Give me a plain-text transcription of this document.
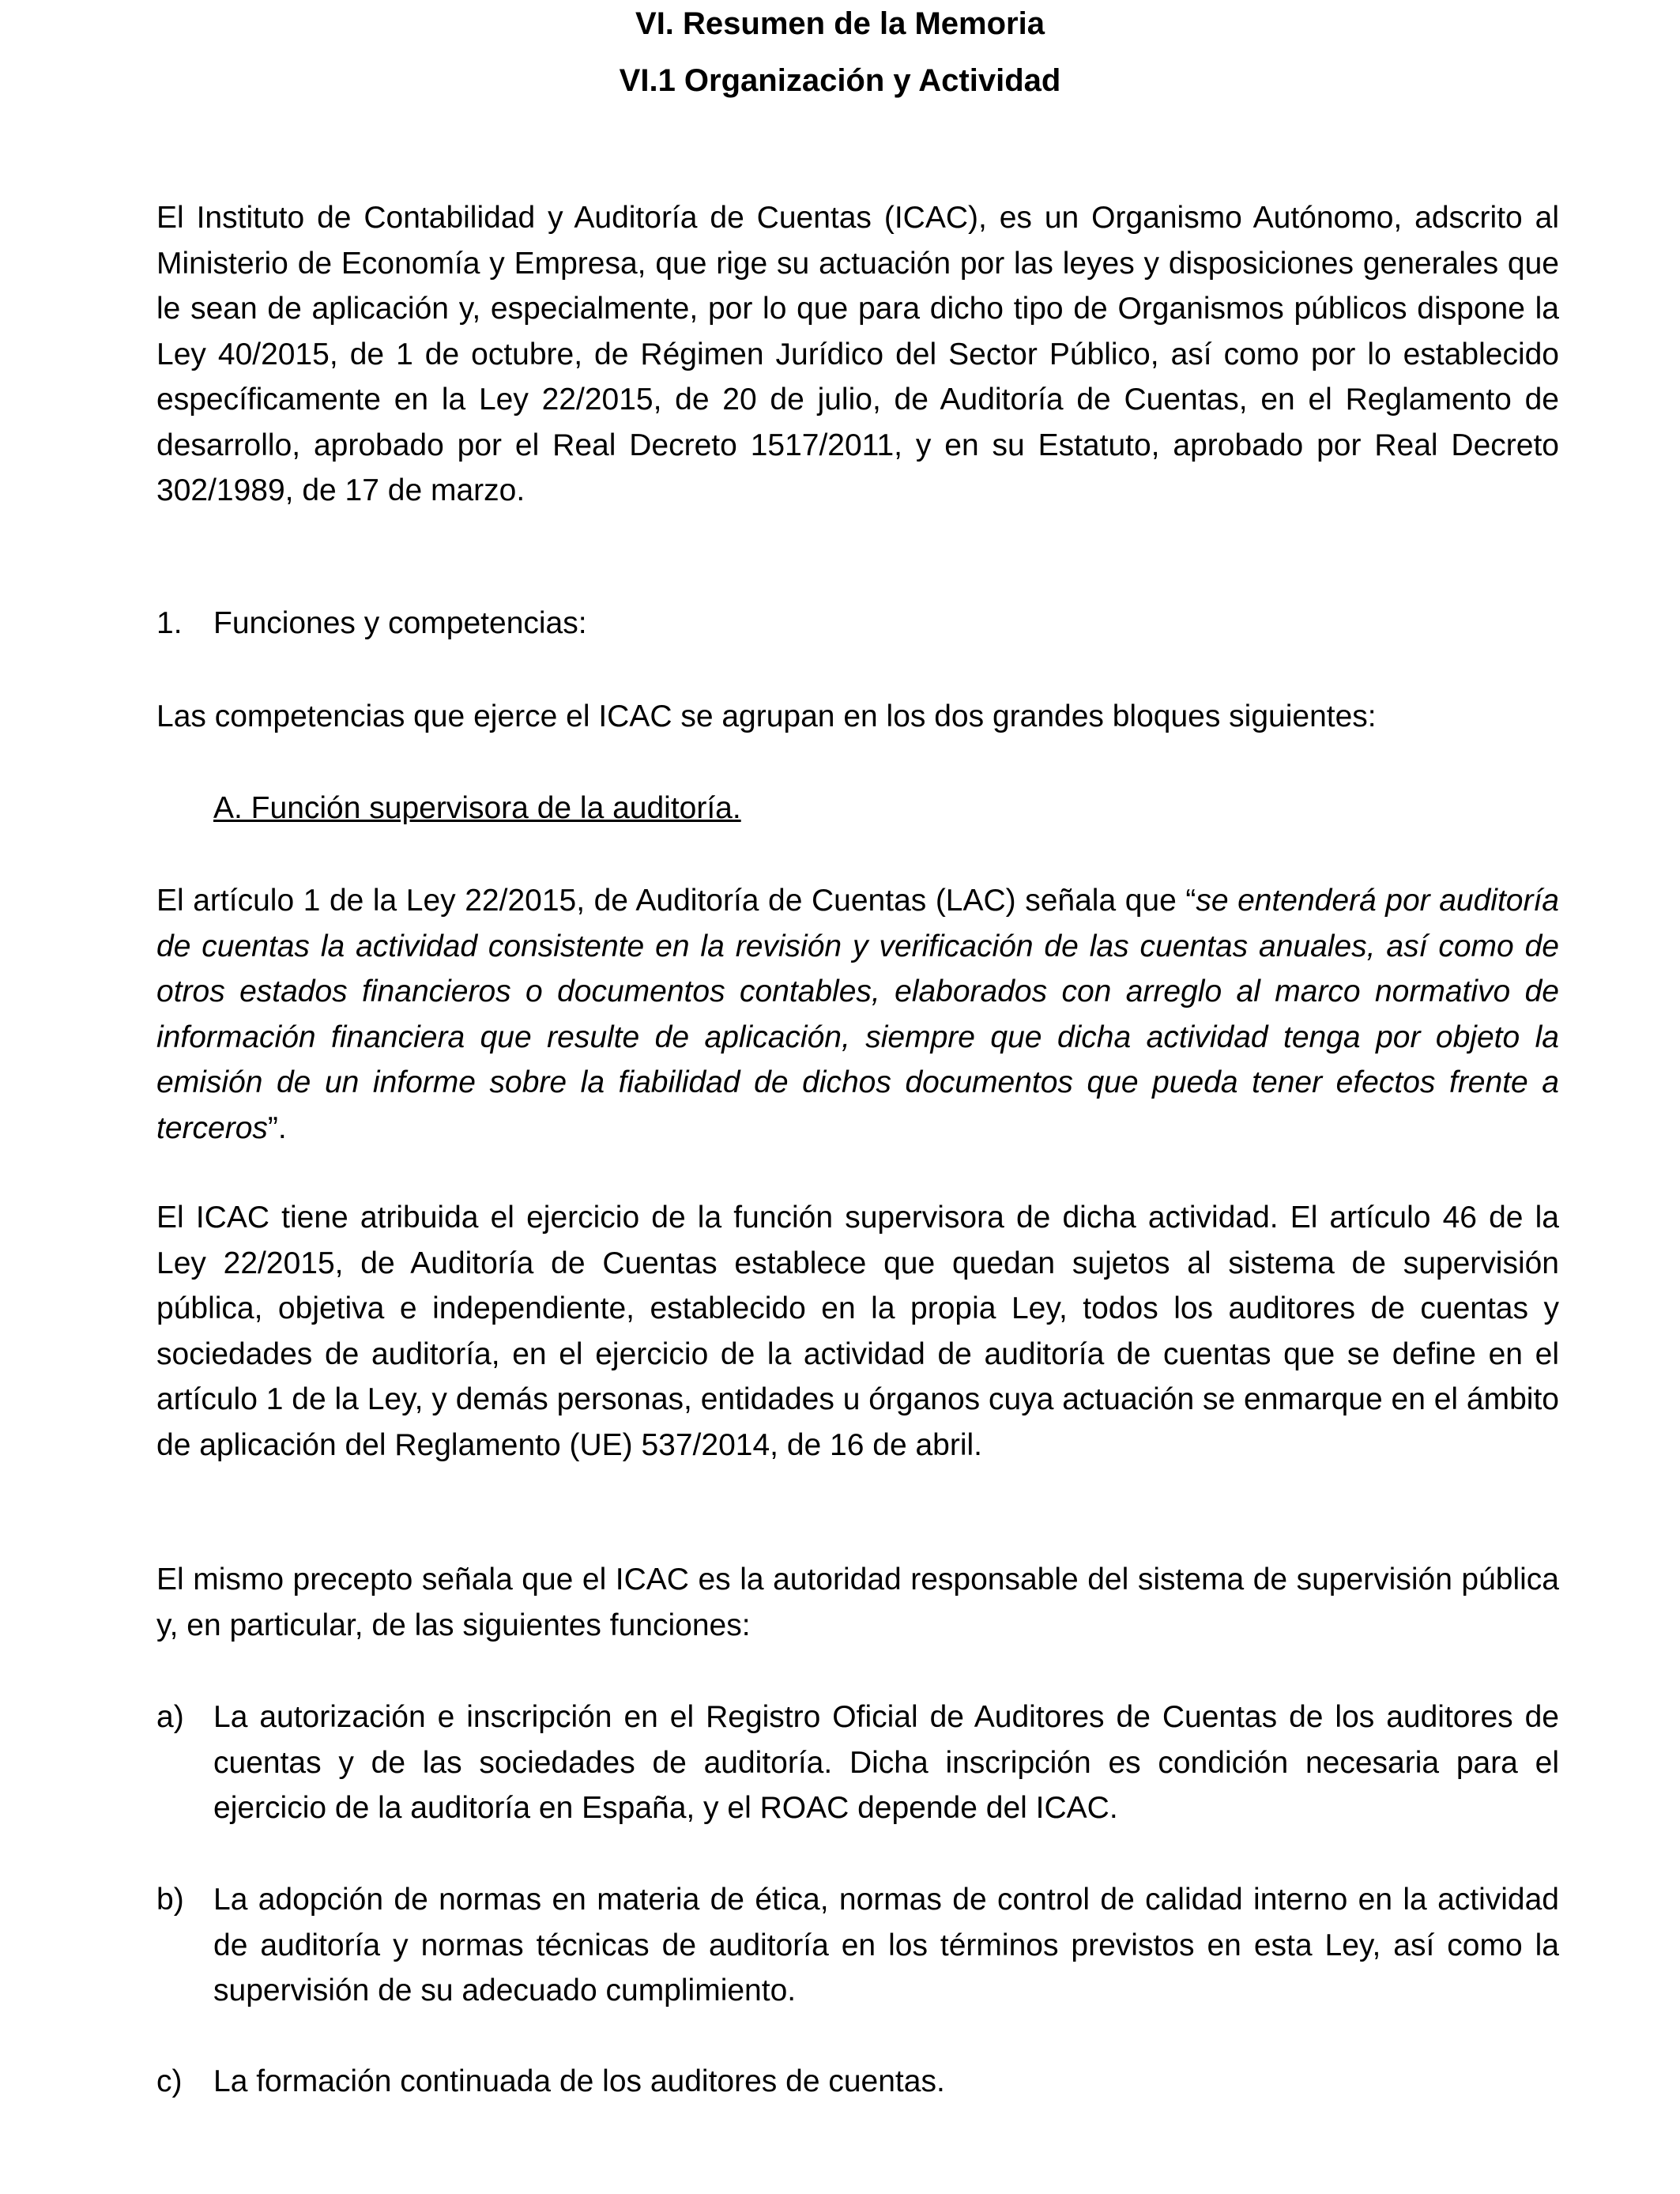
VI. Resumen de la Memoria
VI.1 Organización y Actividad

El Instituto de Contabilidad y Auditoría de Cuentas (ICAC), es un Organismo Autónomo, adscrito al Ministerio de Economía y Empresa, que rige su actuación por las leyes y disposiciones generales que le sean de aplicación y, especialmente, por lo que para dicho tipo de Organismos públicos dispone la Ley 40/2015, de 1 de octubre, de Régimen Jurídico del Sector Público, así como por lo establecido específicamente en la Ley 22/2015, de 20 de julio, de Auditoría de Cuentas, en el Reglamento de desarrollo, aprobado por el Real Decreto 1517/2011, y en su Estatuto, aprobado por Real Decreto 302/1989, de 17 de marzo.

1. Funciones y competencias:

Las competencias que ejerce el ICAC se agrupan en los dos grandes bloques siguientes:

A. Función supervisora de la auditoría.

El artículo 1 de la Ley 22/2015, de Auditoría de Cuentas (LAC) señala que “se entenderá por auditoría de cuentas la actividad consistente en la revisión y verificación de las cuentas anuales, así como de otros estados financieros o documentos contables, elaborados con arreglo al marco normativo de información financiera que resulte de aplicación, siempre que dicha actividad tenga por objeto la emisión de un informe sobre la fiabilidad de dichos documentos que pueda tener efectos frente a terceros”.

El ICAC tiene atribuida el ejercicio de la función supervisora de dicha actividad. El artículo 46 de la Ley 22/2015, de Auditoría de Cuentas establece que quedan sujetos al sistema de supervisión pública, objetiva e independiente, establecido en la propia Ley, todos los auditores de cuentas y sociedades de auditoría, en el ejercicio de la actividad de auditoría de cuentas que se define en el artículo 1 de la Ley, y demás personas, entidades u órganos cuya actuación se enmarque en el ámbito de aplicación del Reglamento (UE) 537/2014, de 16 de abril.

El mismo precepto señala que el ICAC es la autoridad responsable del sistema de supervisión pública y, en particular, de las siguientes funciones:

a) La autorización e inscripción en el Registro Oficial de Auditores de Cuentas de los auditores de cuentas y de las sociedades de auditoría. Dicha inscripción es condición necesaria para el ejercicio de la auditoría en España, y el ROAC depende del ICAC.
b) La adopción de normas en materia de ética, normas de control de calidad interno en la actividad de auditoría y normas técnicas de auditoría en los términos previstos en esta Ley, así como la supervisión de su adecuado cumplimiento.
c) La formación continuada de los auditores de cuentas.
